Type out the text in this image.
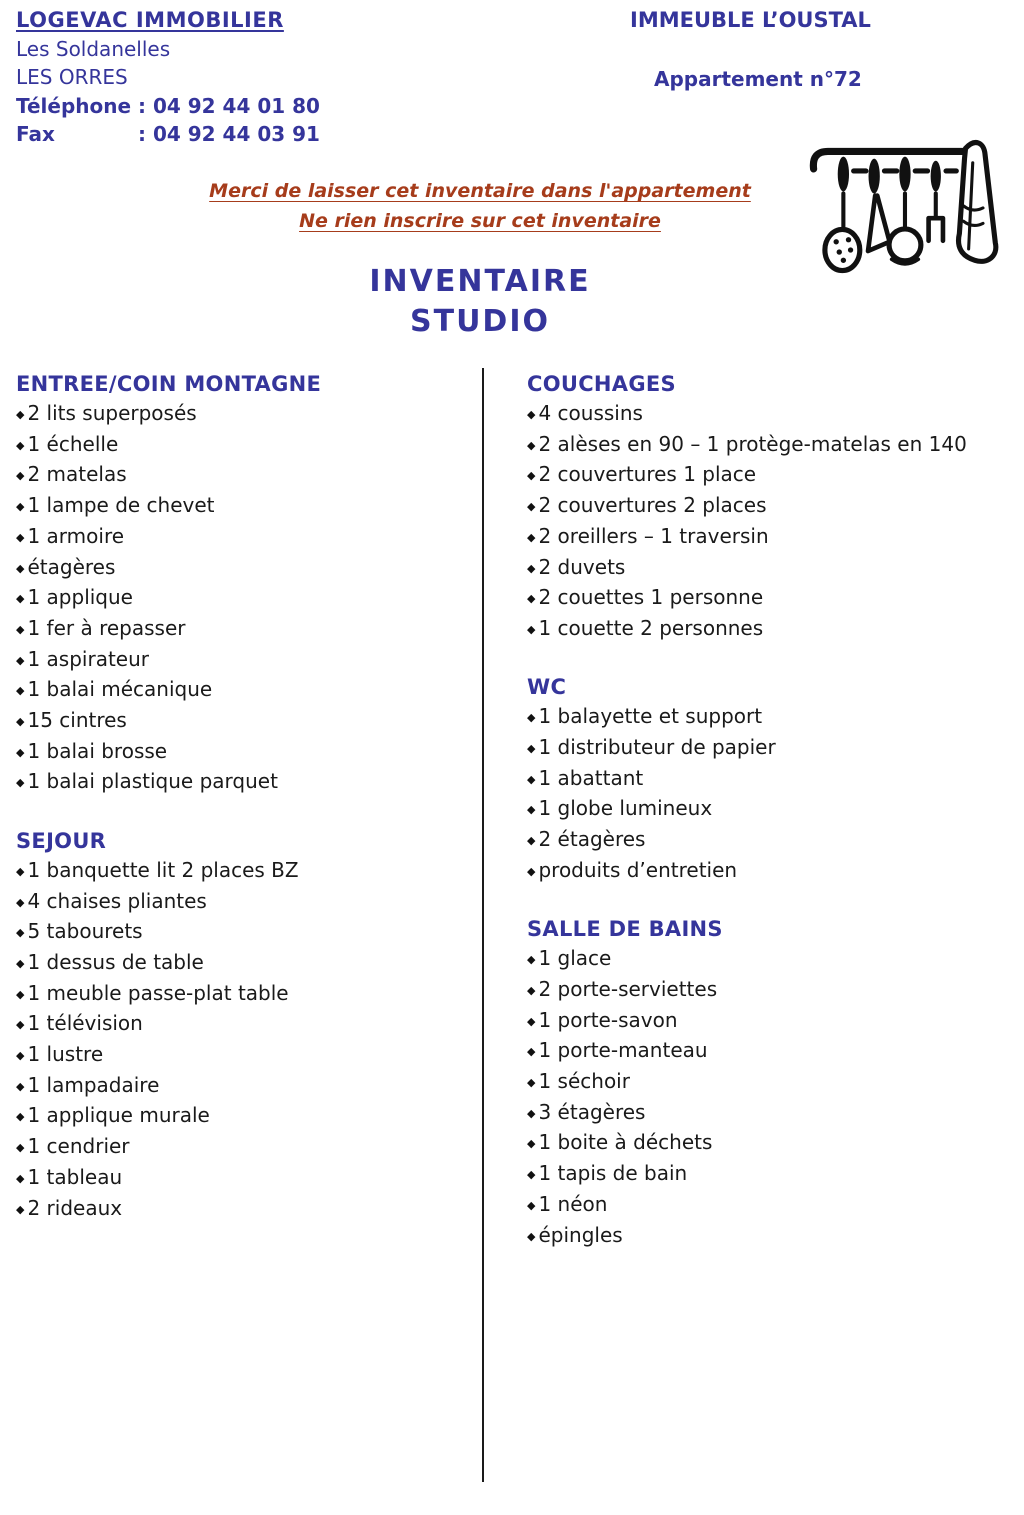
LOGEVAC IMMOBILIER
Les Soldanelles
LES ORRES
Téléphone : 04 92 44 01 80
Fax	: 04 92 44 03 91
IMMEUBLE L’OUSTAL
Appartement n°72
Merci de laisser cet inventaire dans l'appartement
Ne rien inscrire sur cet inventaire
INVENTAIRE
STUDIO
ENTREE/COIN MONTAGNE
◆ 2 lits superposés
◆ 1 échelle
◆ 2 matelas
◆ 1 lampe de chevet
◆ 1 armoire
◆ étagères
◆ 1 applique
◆ 1 fer à repasser
◆ 1 aspirateur
◆ 1 balai mécanique
◆ 15 cintres
◆ 1 balai brosse
◆ 1 balai plastique parquet
SEJOUR
◆ 1 banquette lit 2 places BZ
◆ 4 chaises pliantes
◆ 5 tabourets
◆ 1 dessus de table
◆ 1 meuble passe-plat table
◆ 1 télévision
◆ 1 lustre
◆ 1 lampadaire
◆ 1 applique murale
◆ 1 cendrier
◆ 1 tableau
◆ 2 rideaux
COUCHAGES
◆ 4 coussins
◆ 2 alèses en 90 – 1 protège-matelas en 140
◆ 2 couvertures 1 place
◆ 2 couvertures 2 places
◆ 2 oreillers – 1 traversin
◆ 2 duvets
◆ 2 couettes 1 personne
◆ 1 couette 2 personnes
WC
◆ 1 balayette et support
◆ 1 distributeur de papier
◆ 1 abattant
◆ 1 globe lumineux
◆ 2 étagères
◆ produits d’entretien
SALLE DE BAINS
◆ 1 glace
◆ 2 porte-serviettes
◆ 1 porte-savon
◆ 1 porte-manteau
◆ 1 séchoir
◆ 3 étagères
◆ 1 boite à déchets
◆ 1 tapis de bain
◆ 1 néon
◆ épingles
